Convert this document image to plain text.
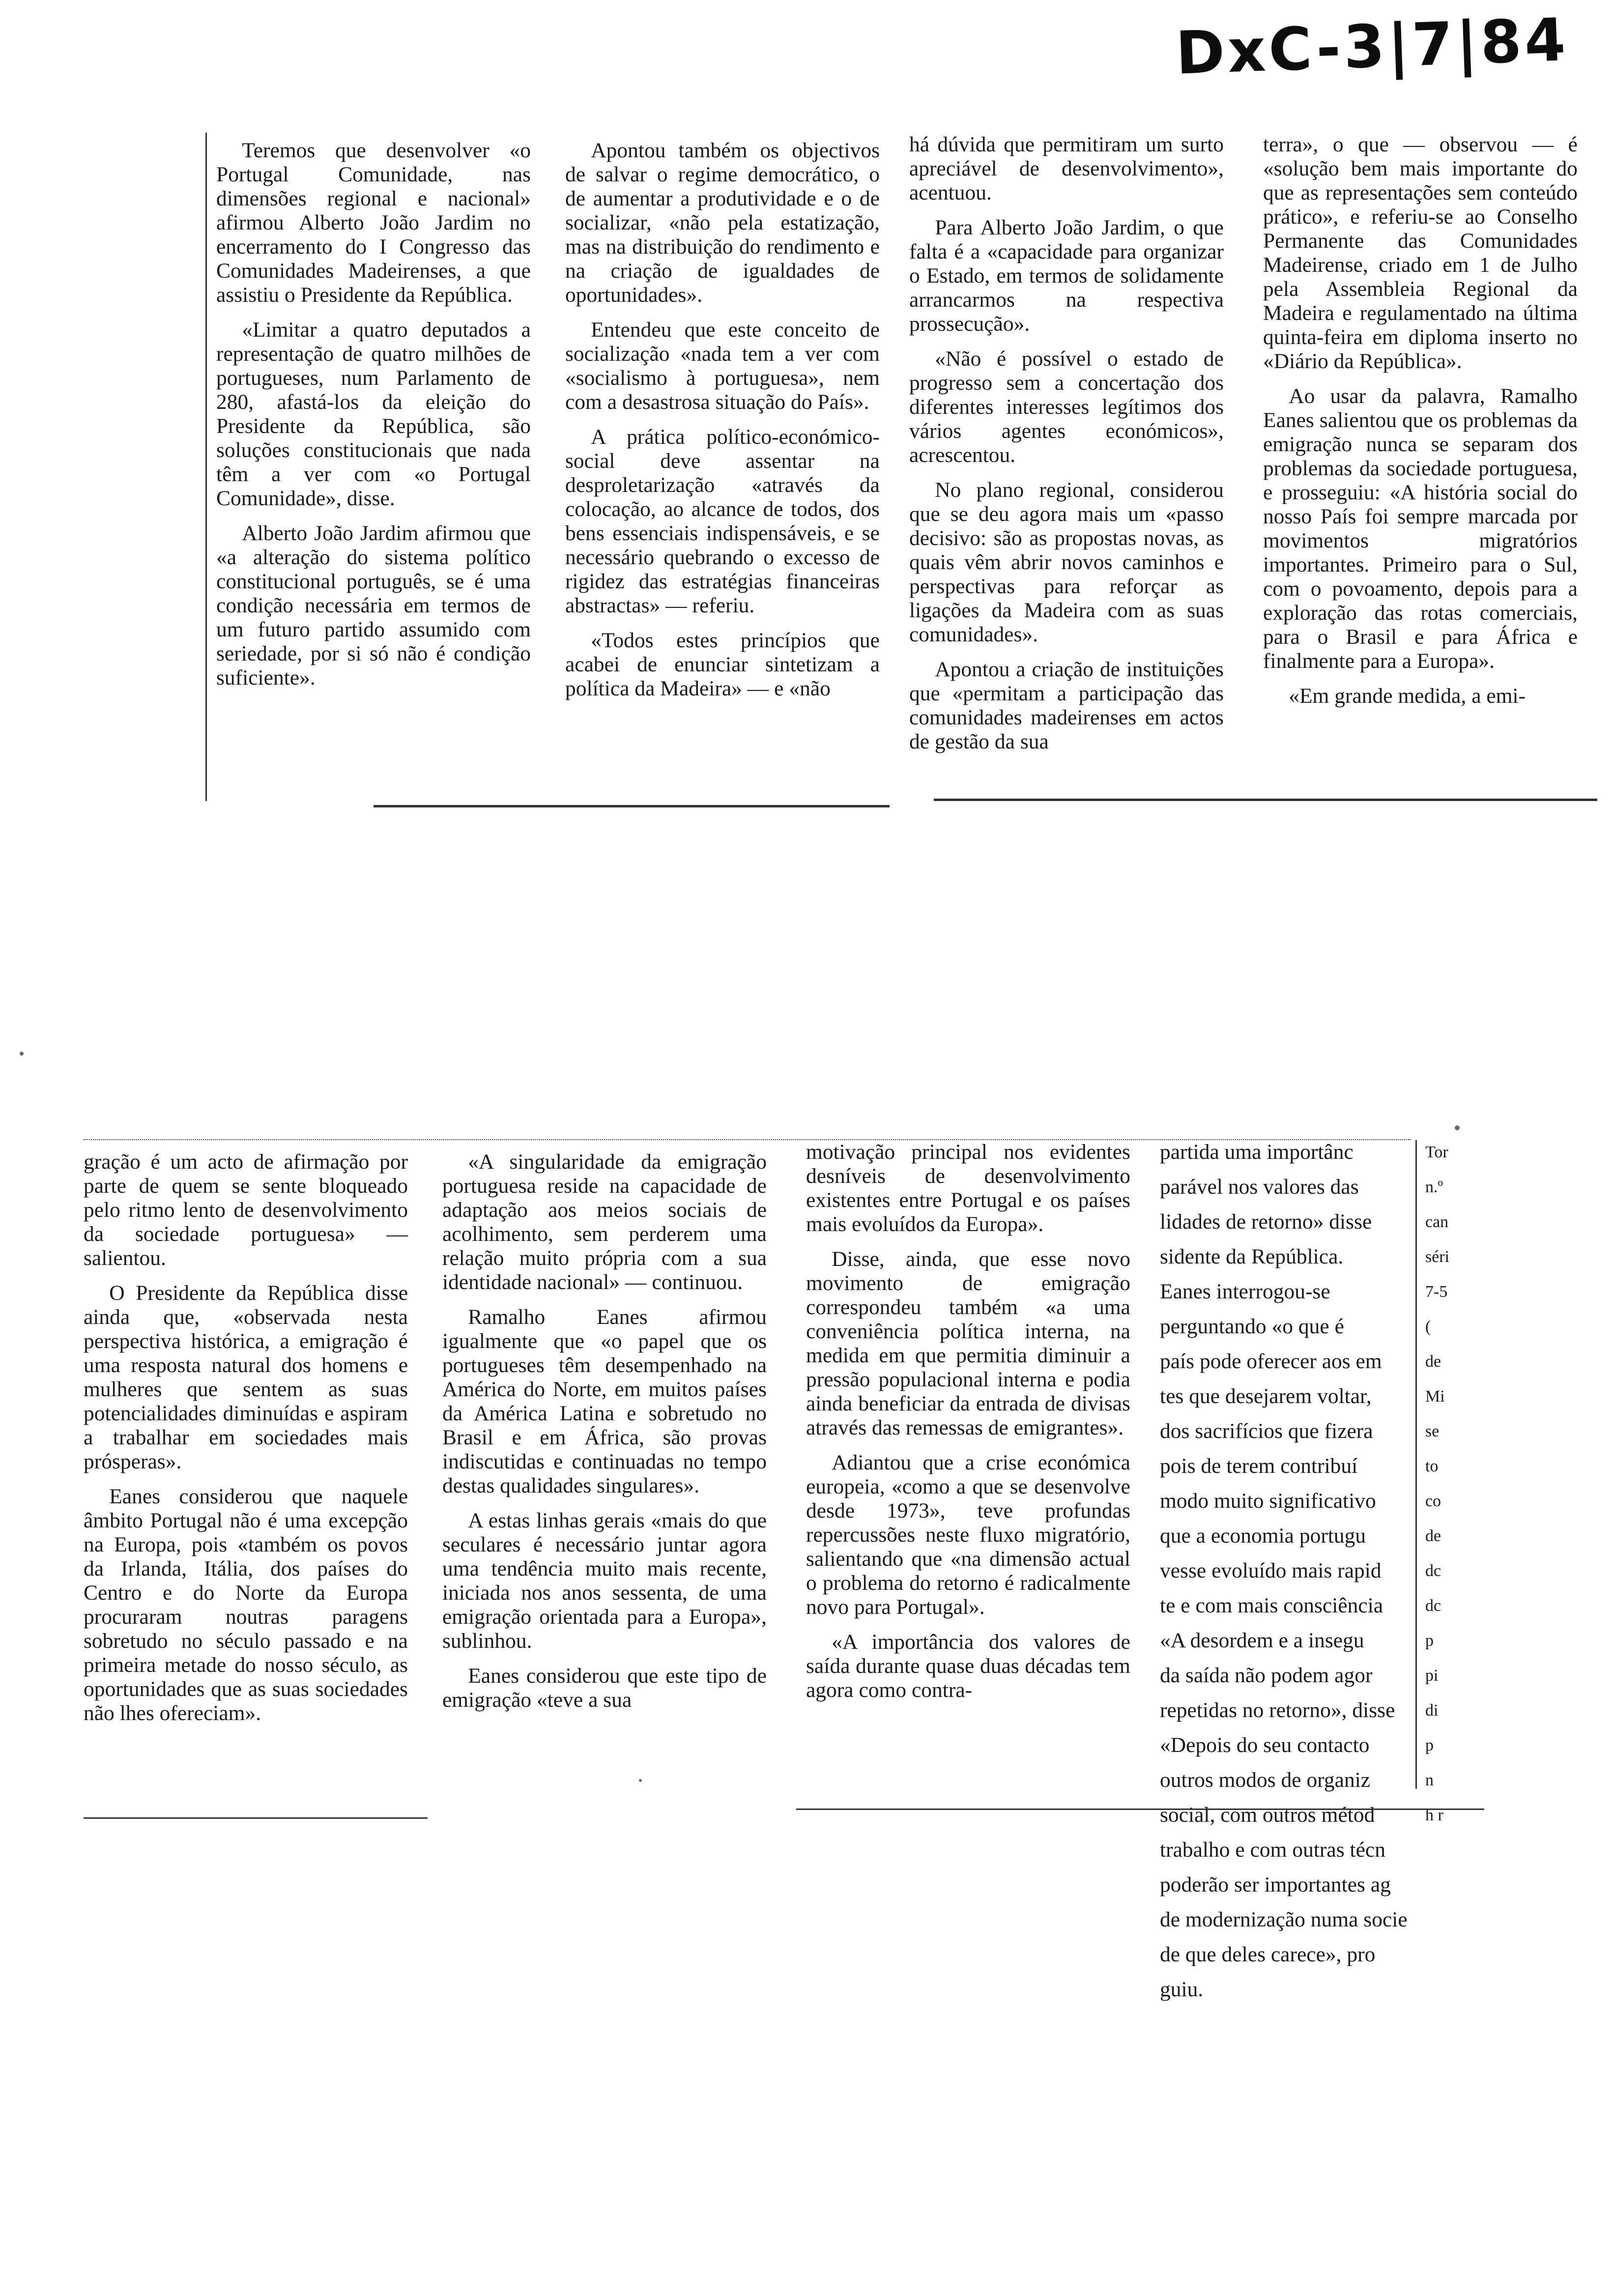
DxC-3|7|84

Teremos que desenvolver «o Portugal Comunidade, nas dimensões regional e nacional» afirmou Alberto João Jardim no encerramento do I Congresso das Comunidades Madeirenses, a que assistiu o Presidente da República.

«Limitar a quatro deputados a representação de quatro milhões de portugueses, num Parlamento de 280, afastá-los da eleição do Presidente da República, são soluções constitucionais que nada têm a ver com «o Portugal Comunidade», disse.

Alberto João Jardim afirmou que «a alteração do sistema político constitucional português, se é uma condição necessária em termos de um futuro partido assumido com seriedade, por si só não é condição suficiente».

Apontou também os objectivos de salvar o regime democrático, o de aumentar a produtividade e o de socializar, «não pela estatização, mas na distribuição do rendimento e na criação de igualdades de oportunidades».

Entendeu que este conceito de socialização «nada tem a ver com «socialismo à portuguesa», nem com a desastrosa situação do País».

A prática político-económico-social deve assentar na desproletarização «através da colocação, ao alcance de todos, dos bens essenciais indispensáveis, e se necessário quebrando o excesso de rigidez das estratégias financeiras abstractas» — referiu.

«Todos estes princípios que acabei de enunciar sintetizam a política da Madeira» — e «não

há dúvida que permitiram um surto apreciável de desenvolvimento», acentuou.

Para Alberto João Jardim, o que falta é a «capacidade para organizar o Estado, em termos de solidamente arrancarmos na respectiva prossecução».

«Não é possível o estado de progresso sem a concertação dos diferentes interesses legítimos dos vários agentes económicos», acrescentou.

No plano regional, considerou que se deu agora mais um «passo decisivo: são as propostas novas, as quais vêm abrir novos caminhos e perspectivas para reforçar as ligações da Madeira com as suas comunidades».

Apontou a criação de instituições que «permitam a participação das comunidades madeirenses em actos de gestão da sua

terra», o que — observou — é «solução bem mais importante do que as representações sem conteúdo prático», e referiu-se ao Conselho Permanente das Comunidades Madeirense, criado em 1 de Julho pela Assembleia Regional da Madeira e regulamentado na última quinta-feira em diploma inserto no «Diário da República».

Ao usar da palavra, Ramalho Eanes salientou que os problemas da emigração nunca se separam dos problemas da sociedade portuguesa, e prosseguiu: «A história social do nosso País foi sempre marcada por movimentos migratórios importantes. Primeiro para o Sul, com o povoamento, depois para a exploração das rotas comerciais, para o Brasil e para África e finalmente para a Europa».

«Em grande medida, a emi-

gração é um acto de afirmação por parte de quem se sente bloqueado pelo ritmo lento de desenvolvimento da sociedade portuguesa» — salientou.

O Presidente da República disse ainda que, «observada nesta perspectiva histórica, a emigração é uma resposta natural dos homens e mulheres que sentem as suas potencialidades diminuídas e aspiram a trabalhar em sociedades mais prósperas».

Eanes considerou que naquele âmbito Portugal não é uma excepção na Europa, pois «também os povos da Irlanda, Itália, dos países do Centro e do Norte da Europa procuraram noutras paragens sobretudo no século passado e na primeira metade do nosso século, as oportunidades que as suas sociedades não lhes ofereciam».

«A singularidade da emigração portuguesa reside na capacidade de adaptação aos meios sociais de acolhimento, sem perderem uma relação muito própria com a sua identidade nacional» — continuou.

Ramalho Eanes afirmou igualmente que «o papel que os portugueses têm desempenhado na América do Norte, em muitos países da América Latina e sobretudo no Brasil e em África, são provas indiscutidas e continuadas no tempo destas qualidades singulares».

A estas linhas gerais «mais do que seculares é necessário juntar agora uma tendência muito mais recente, iniciada nos anos sessenta, de uma emigração orientada para a Europa», sublinhou.

Eanes considerou que este tipo de emigração «teve a sua

motivação principal nos evidentes desníveis de desenvolvimento existentes entre Portugal e os países mais evoluídos da Europa».

Disse, ainda, que esse novo movimento de emigração correspondeu também «a uma conveniência política interna, na medida em que permitia diminuir a pressão populacional interna e podia ainda beneficiar da entrada de divisas através das remessas de emigrantes».

Adiantou que a crise económica europeia, «como a que se desenvolve desde 1973», teve profundas repercussões neste fluxo migratório, salientando que «na dimensão actual o problema do retorno é radicalmente novo para Portugal».

«A importância dos valores de saída durante quase duas décadas tem agora como contra-

partida uma importânc

parável nos valores das

lidades de retorno» disse

sidente da República.

Eanes interrogou-se

perguntando «o que é

país pode oferecer aos em

tes que desejarem voltar,

dos sacrifícios que fizera

pois de terem contribuí

modo muito significativo

que a economia portugu

vesse evoluído mais rapid

te e com mais consciência

«A desordem e a insegu

da saída não podem agor

repetidas no retorno», disse

«Depois do seu contacto

outros modos de organiz

social, com outros métod

trabalho e com outras técn

poderão ser importantes ag

de modernização numa socie

de que deles carece», pro

guiu.

Tor

n.º

can

séri

7-5

(

de

Mi

se

to

co

de

dc

dc

p

pi

di

p

n

h r
